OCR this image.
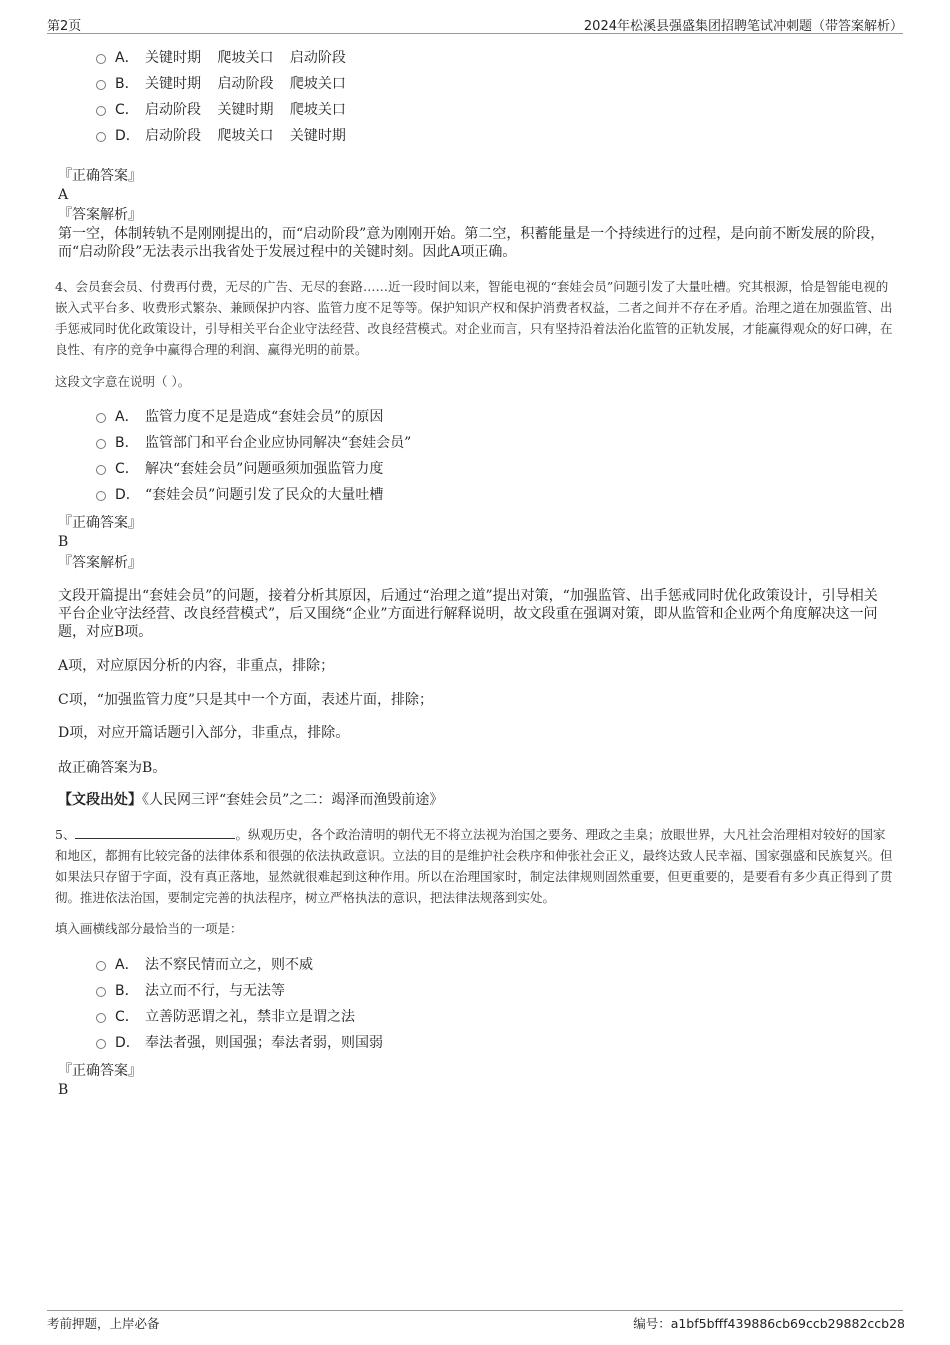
第2页	2024年松溪县强盛集团招聘笔试冲刺题（带答案解析）
A． 关键时期 爬坡关口 启动阶段
B． 关键时期 启动阶段 爬坡关口
C． 启动阶段 关键时期 爬坡关口
D． 启动阶段 爬坡关口 关键时期
『正确答案』
A
『答案解析』
第一空，体制转轨不是刚刚提出的，而“启动阶段”意为刚刚开始。第二空，积蓄能量是一个持续进行的过程，是向前不断发展的阶段，而“启动阶段”无法表示出我省处于发展过程中的关键时刻。因此A项正确。
4、会员套会员、付费再付费，无尽的广告、无尽的套路……近一段时间以来，智能电视的“套娃会员”问题引发了大量吐槽。究其根源，恰是智能电视的嵌入式平台多、收费形式繁杂、兼顾保护内容、监管力度不足等等。保护知识产权和保护消费者权益，二者之间并不存在矛盾。治理之道在加强监管、出手惩戒同时优化政策设计，引导相关平台企业守法经营、改良经营模式。对企业而言，只有坚持沿着法治化监管的正轨发展，才能赢得观众的好口碑，在良性、有序的竞争中赢得合理的利润、赢得光明的前景。
这段文字意在说明（ ）。
A． 监管力度不足是造成“套娃会员”的原因
B． 监管部门和平台企业应协同解决“套娃会员”
C． 解决“套娃会员”问题亟须加强监管力度
D． “套娃会员”问题引发了民众的大量吐槽
『正确答案』
B
『答案解析』
文段开篇提出“套娃会员”的问题，接着分析其原因，后通过“治理之道”提出对策，“加强监管、出手惩戒同时优化政策设计，引导相关平台企业守法经营、改良经营模式”，后又围绕“企业”方面进行解释说明，故文段重在强调对策，即从监管和企业两个角度解决这一问题，对应B项。
A项，对应原因分析的内容，非重点，排除；
C项，“加强监管力度”只是其中一个方面，表述片面，排除；
D项，对应开篇话题引入部分，非重点，排除。
故正确答案为B。
【文段出处】《人民网三评“套娃会员”之二：竭泽而渔毁前途》
5、	。纵观历史，各个政治清明的朝代无不将立法视为治国之要务、理政之圭臬；放眼世界，大凡社会治理相对较好的国家和地区，都拥有比较完备的法律体系和很强的依法执政意识。立法的目的是维护社会秩序和伸张社会正义，最终达致人民幸福、国家强盛和民族复兴。但如果法只存留于字面，没有真正落地，显然就很难起到这种作用。所以在治理国家时，制定法律规则固然重要，但更重要的，是要看有多少真正得到了贯彻。推进依法治国，要制定完善的执法程序，树立严格执法的意识，把法律法规落到实处。
填入画横线部分最恰当的一项是：
A． 法不察民情而立之，则不威
B． 法立而不行，与无法等
C． 立善防恶谓之礼，禁非立是谓之法
D． 奉法者强，则国强；奉法者弱，则国弱
『正确答案』
B
考前押题，上岸必备	编号：a1bf5bfff439886cb69ccb29882ccb28
